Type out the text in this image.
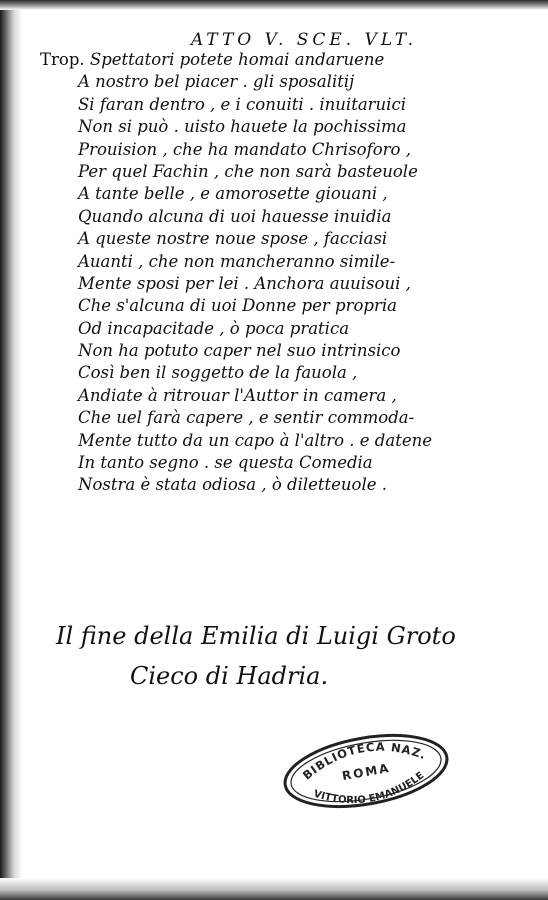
ATTO V. SCE. VLT.
Trop. Spettatori potete homai andaruene
A nostro bel piacer . gli sposalitij
Si faran dentro , e i conuiti . inuitaruici
Non si può . uisto hauete la pochissima
Prouision , che ha mandato Chrisoforo ,
Per quel Fachin , che non sarà basteuole
A tante belle , e amorosette giouani ,
Quando alcuna di uoi hauesse inuidia
A queste nostre noue spose , facciasi
Auanti , che non mancheranno simile-
Mente sposi per lei . Anchora auuisoui ,
Che s'alcuna di uoi Donne per propria
Od incapacitade , ò poca pratica
Non ha potuto caper nel suo intrinsico
Così ben il soggetto de la fauola ,
Andiate à ritrouar l'Auttor in camera ,
Che uel farà capere , e sentir commoda-
Mente tutto da un capo à l'altro . e datene
In tanto segno . se questa Comedia
Nostra è stata odiosa , ò diletteuole .
Il fine della Emilia di Luigi Groto
Cieco di Hadria.
BIBLIOTECA NAZ.
ROMA
VITTORIO EMANUELE
